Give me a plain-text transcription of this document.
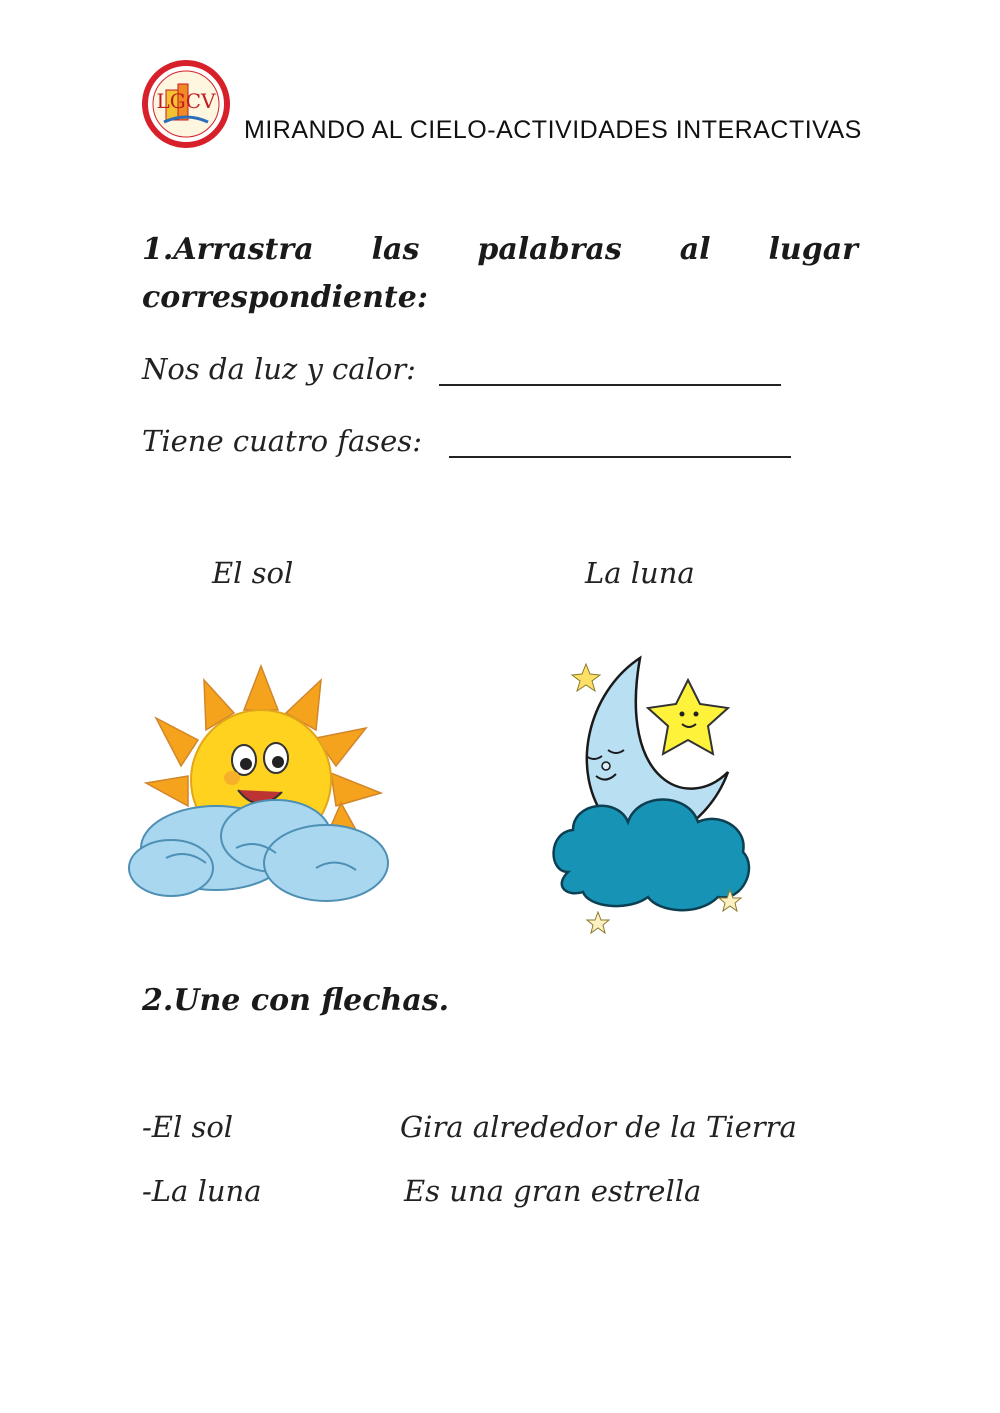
LGCV
MIRANDO AL CIELO-ACTIVIDADES INTERACTIVAS
1.Arrastra las palabras al lugar
correspondiente:
Nos da luz y calor:
Tiene cuatro fases:
El sol	La luna
2.Une con flechas.
-El sol	Gira alrededor de la Tierra
-La luna	Es una gran estrella
